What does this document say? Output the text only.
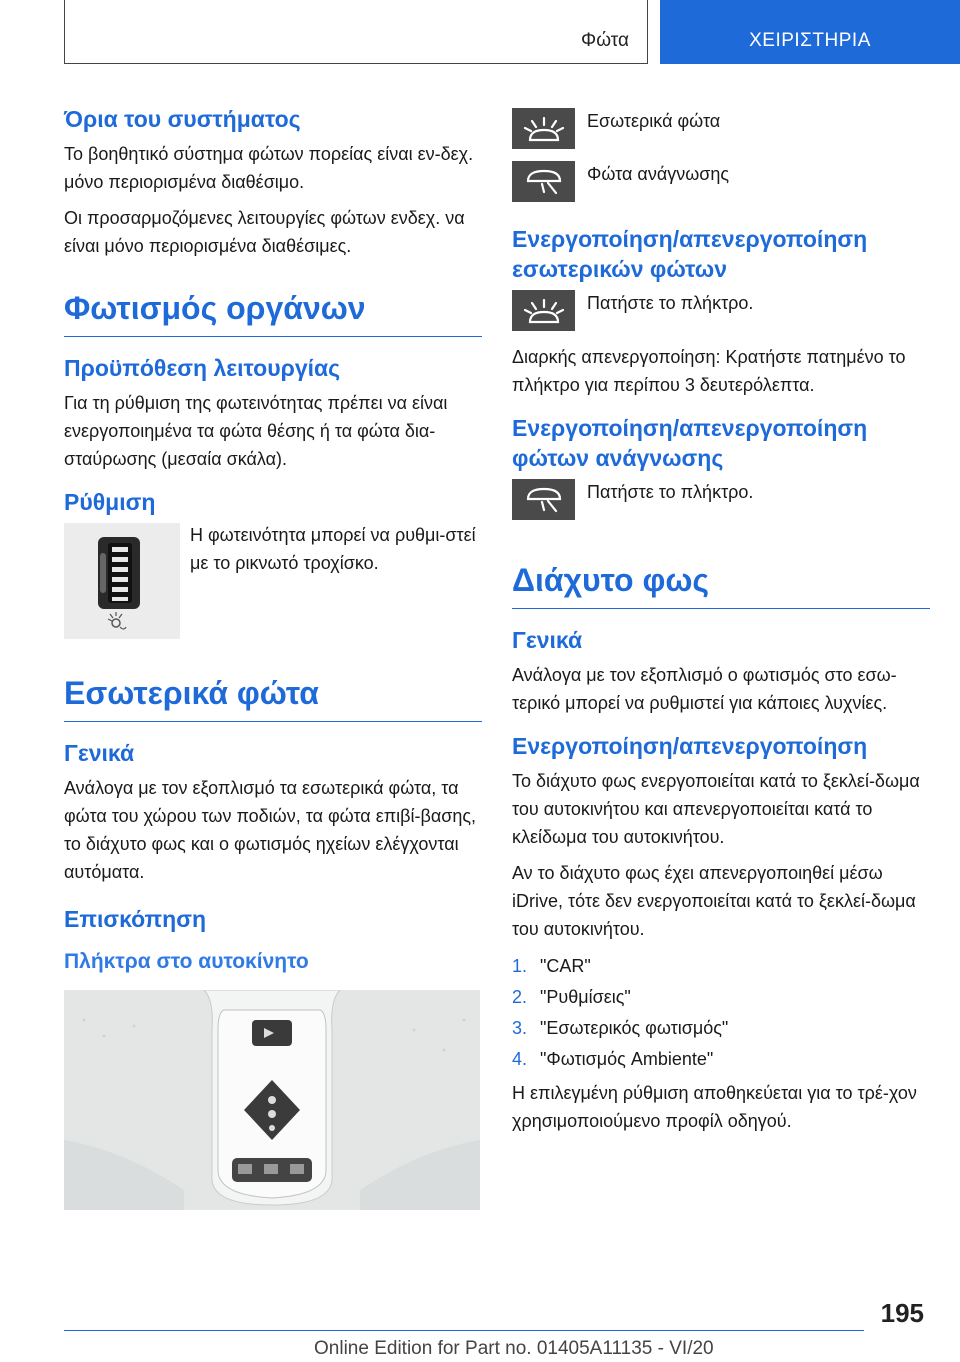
Φώτα	ΧΕΙΡΙΣΤΗΡΙΑ
Όρια του συστήματος

Το βοηθητικό σύστημα φώτων πορείας είναι εν-δεχ. μόνο περιορισμένα διαθέσιμο.

Οι προσαρμοζόμενες λειτουργίες φώτων ενδεχ. να είναι μόνο περιορισμένα διαθέσιμες.

Φωτισμός οργάνων
Προϋπόθεση λειτουργίας

Για τη ρύθμιση της φωτεινότητας πρέπει να είναι ενεργοποιημένα τα φώτα θέσης ή τα φώτα δια-σταύρωσης (μεσαία σκάλα).

Ρύθμιση
Η φωτεινότητα μπορεί να ρυθμι-στεί με το ρικνωτό τροχίσκο.
Εσωτερικά φώτα
Γενικά

Ανάλογα με τον εξοπλισμό τα εσωτερικά φώτα, τα φώτα του χώρου των ποδιών, τα φώτα επιβί-βασης, το διάχυτο φως και ο φωτισμός ηχείων ελέγχονται αυτόματα.

Επισκόπηση
Πλήκτρα στο αυτοκίνητο
Εσωτερικά φώτα
Φώτα ανάγνωσης
Ενεργοποίηση/απενεργοποίηση εσωτερικών φώτων
Πατήστε το πλήκτρο.

Διαρκής απενεργοποίηση: Κρατήστε πατημένο το πλήκτρο για περίπου 3 δευτερόλεπτα.

Ενεργοποίηση/απενεργοποίηση φώτων ανάγνωσης
Πατήστε το πλήκτρο.
Διάχυτο φως
Γενικά

Ανάλογα με τον εξοπλισμό ο φωτισμός στο εσω-τερικό μπορεί να ρυθμιστεί για κάποιες λυχνίες.

Ενεργοποίηση/απενεργοποίηση

Το διάχυτο φως ενεργοποιείται κατά το ξεκλεί-δωμα του αυτοκινήτου και απενεργοποιείται κατά το κλείδωμα του αυτοκινήτου.

Αν το διάχυτο φως έχει απενεργοποιηθεί μέσω iDrive, τότε δεν ενεργοποιείται κατά το ξεκλεί-δωμα του αυτοκινήτου.

1. "CAR"
2. "Ρυθμίσεις"
3. "Εσωτερικός φωτισμός"
4. "Φωτισμός Ambiente"

Η επιλεγμένη ρύθμιση αποθηκεύεται για το τρέ-χον χρησιμοποιούμενο προφίλ οδηγού.

195
Online Edition for Part no. 01405A11135 - VI/20
